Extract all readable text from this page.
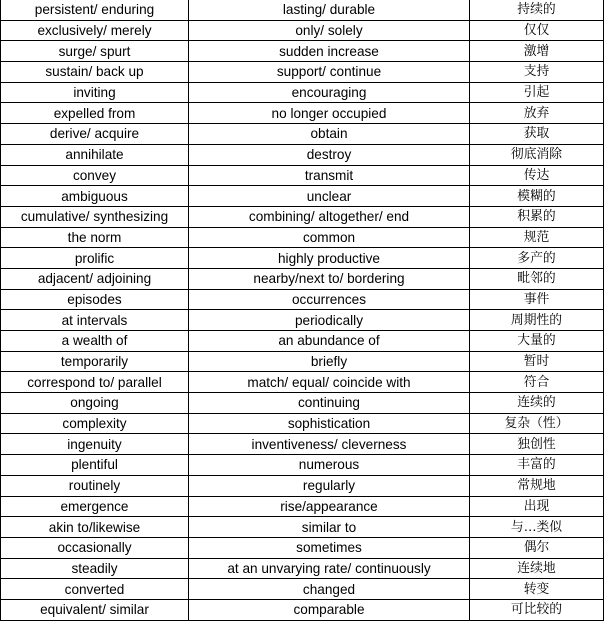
persistent/ enduring	lasting/ durable	持续的
exclusively/ merely	only/ solely	仅仅
surge/ spurt	sudden increase	激增
sustain/ back up	support/ continue	支持
inviting	encouraging	引起
expelled from	no longer occupied	放弃
derive/ acquire	obtain	获取
annihilate	destroy	彻底消除
convey	transmit	传达
ambiguous	unclear	模糊的
cumulative/ synthesizing	combining/ altogether/ end	积累的
the norm	common	规范
prolific	highly productive	多产的
adjacent/ adjoining	nearby/next to/ bordering	毗邻的
episodes	occurrences	事件
at intervals	periodically	周期性的
a wealth of	an abundance of	大量的
temporarily	briefly	暂时
correspond to/ parallel	match/ equal/ coincide with	符合
ongoing	continuing	连续的
complexity	sophistication	复杂（性）
ingenuity	inventiveness/ cleverness	独创性
plentiful	numerous	丰富的
routinely	regularly	常规地
emergence	rise/appearance	出现
akin to/likewise	similar to	与…类似
occasionally	sometimes	偶尔
steadily	at an unvarying rate/ continuously	连续地
converted	changed	转变
equivalent/ similar	comparable	可比较的
